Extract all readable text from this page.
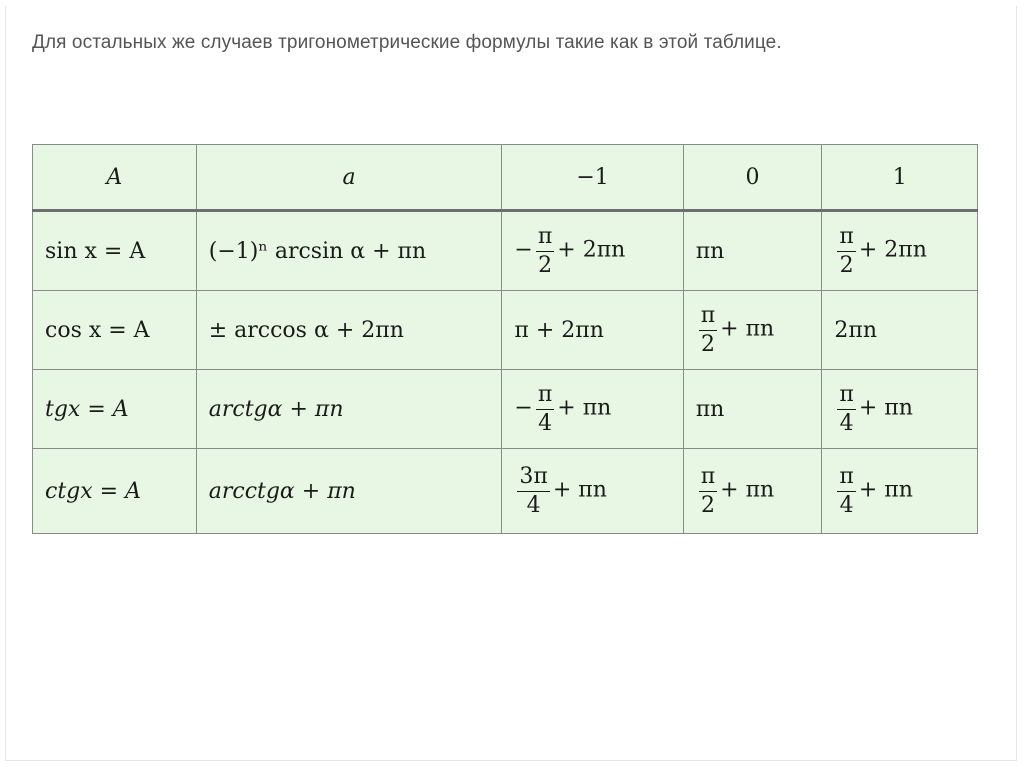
Для остальных же случаев тригонометрические формулы такие как в этой таблице.
A	a	−1	0	1
sin x = A	(−1)ⁿ arcsin α + πn	− $\frac{\pi}{2} + 2\pi n$	πn	$\frac{\pi}{2} + 2\pi n$
cos x = A	± arccos α + 2πn	π + 2πn	$\frac{\pi}{2} + \pi n$	2πn
tgx = A	arctgα + πn	− $\frac{\pi}{4} + \pi n$	πn	$\frac{\pi}{4} + \pi n$
ctgx = A	arcctgα + πn	$\frac{3\pi}{4} + \pi n$	$\frac{\pi}{2} + \pi n$	$\frac{\pi}{4} + \pi n$
